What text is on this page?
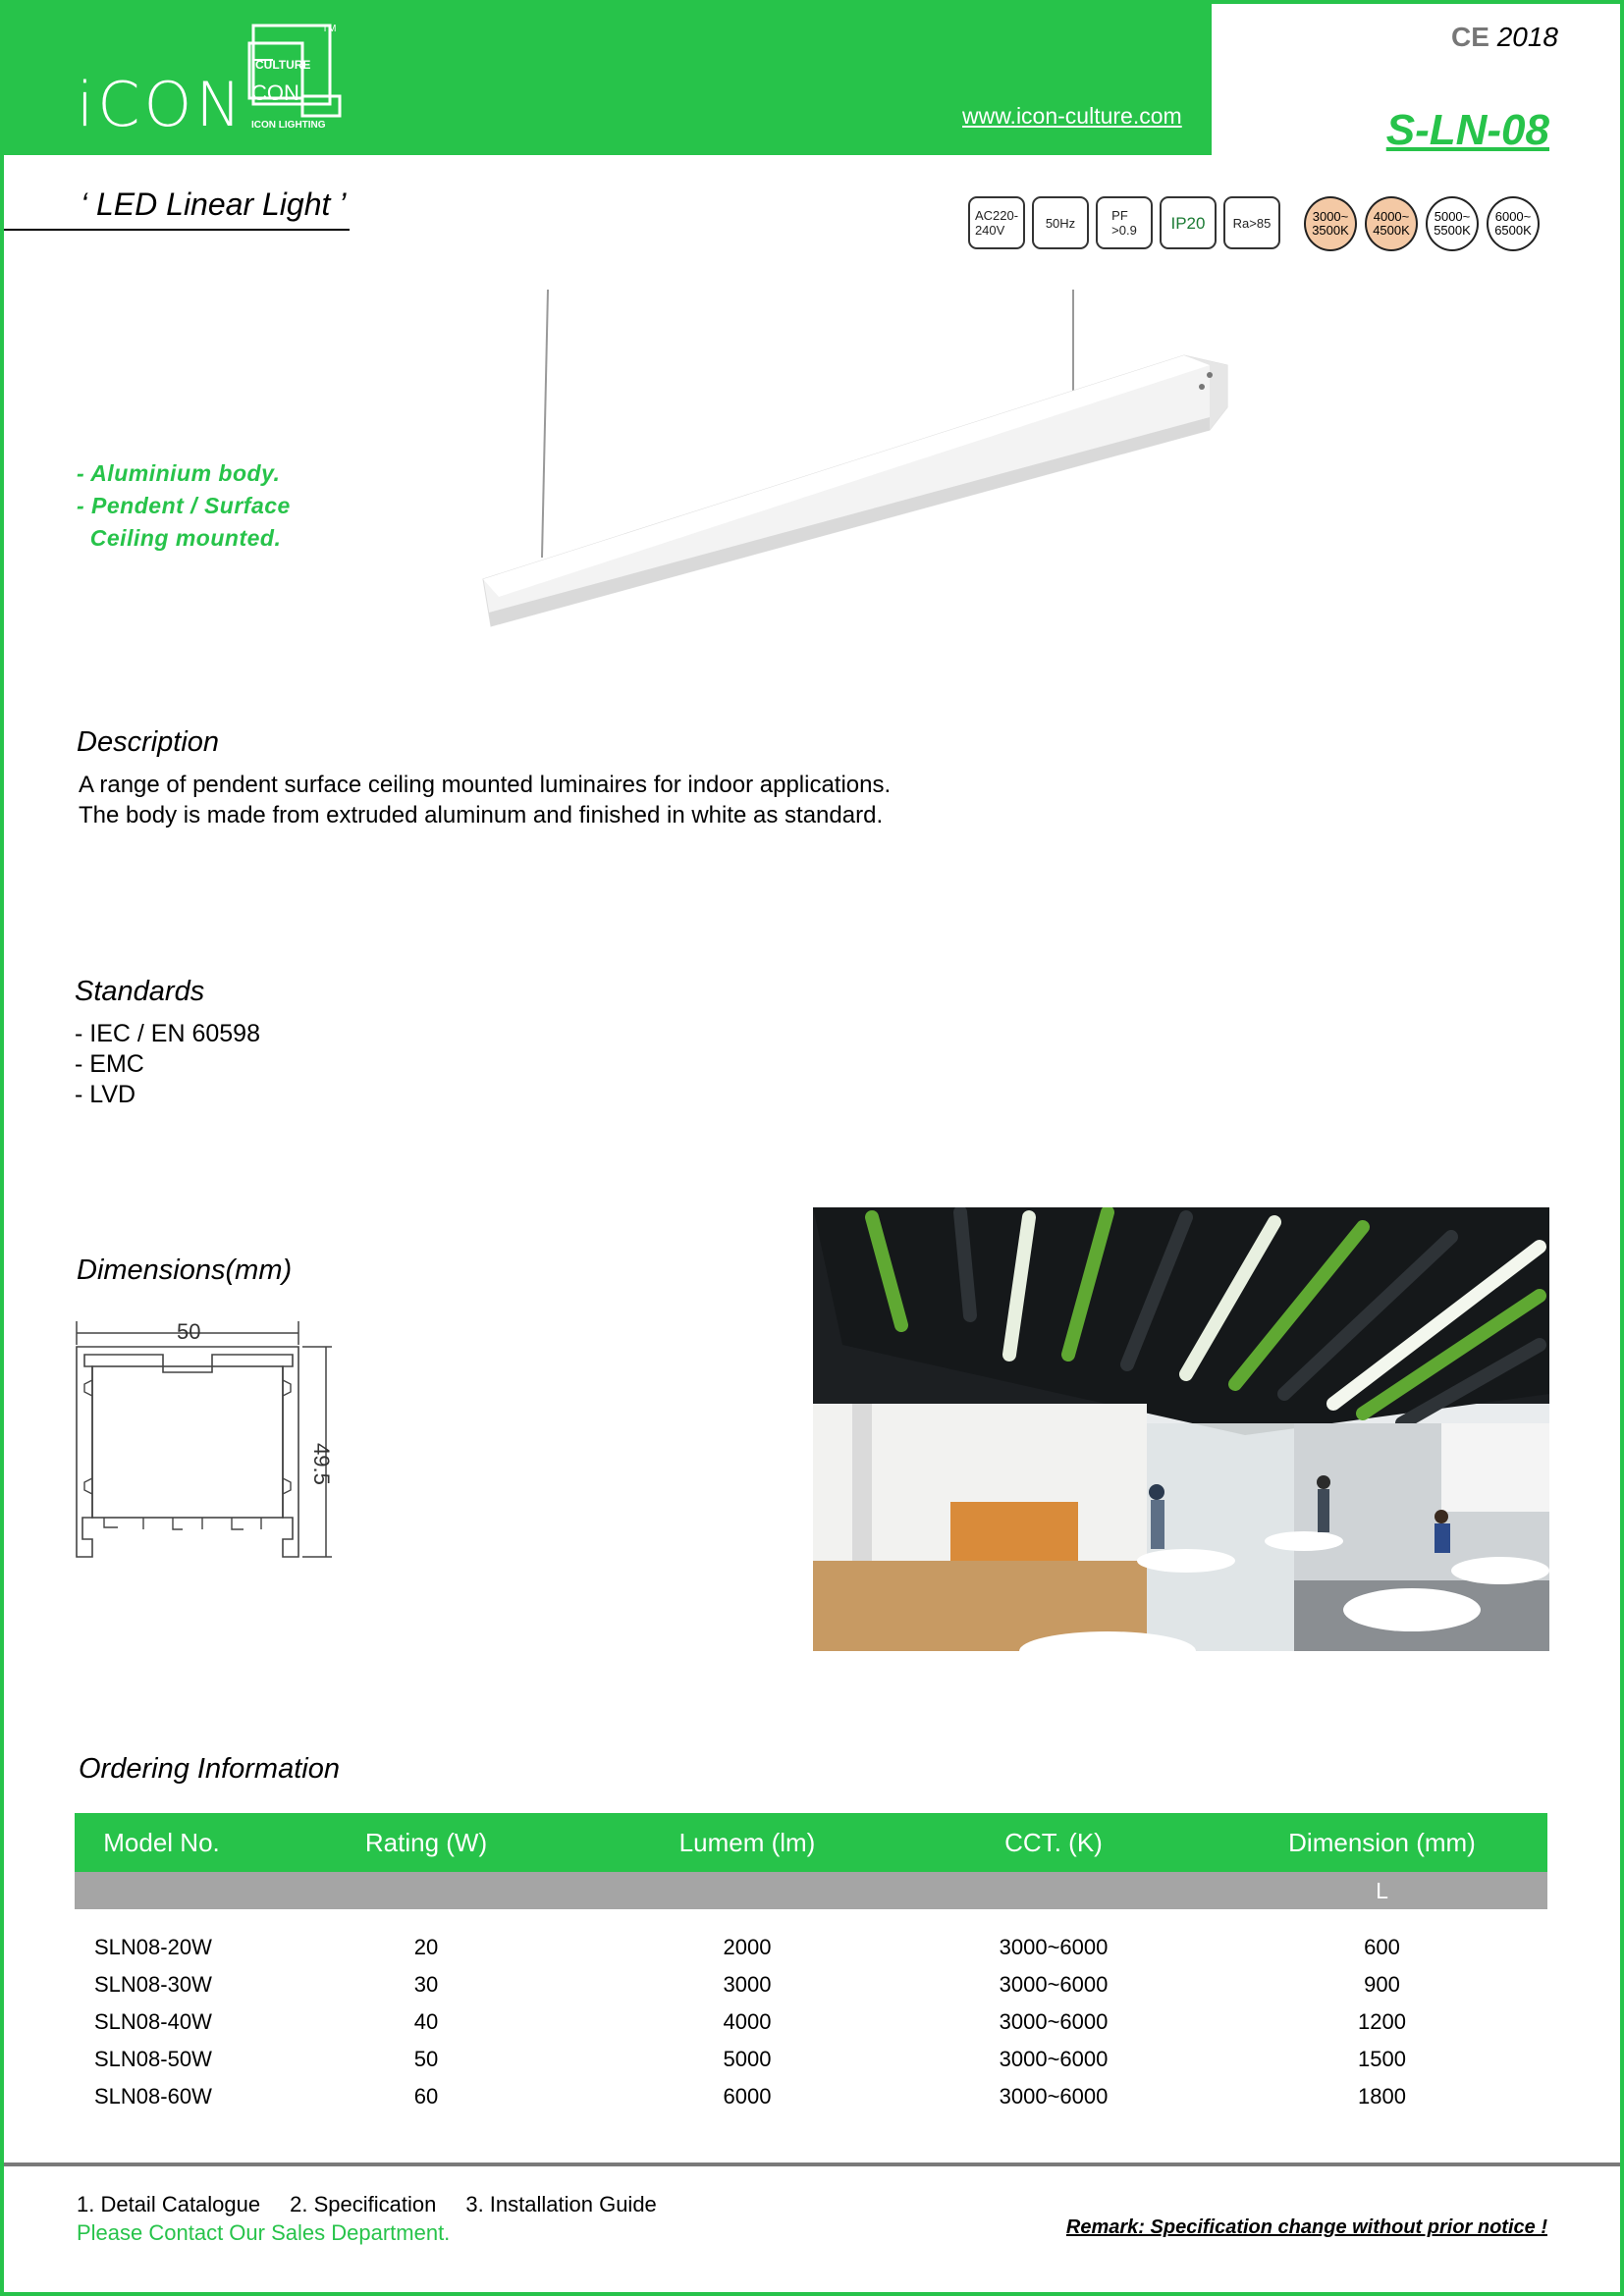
iCON
CULTURE
CON
ICON LIGHTING
TM
www.icon-culture.com
CE 2018
S-LN-08
‘ LED Linear Light ’	AC220-
240V	50Hz	PF
>0.9 IP20 Ra>85	3000~
3500K
4000~
4500K
5000~
5500K
6000~
6500K
- Aluminium body.
- Pendent / Surface
Ceiling mounted.
Description
A range of pendent surface ceiling mounted luminaires for indoor applications.
The body is made from extruded aluminum and finished in white as standard.
Standards
- IEC / EN 60598
- EMC
- LVD
Dimensions(mm)
50
49.5
Ordering Information
Model No.	Rating (W)	Lumem (lm)	CCT. (K)	Dimension (mm)
				L

SLN08-20W	20	2000	3000~6000	600
SLN08-30W	30	3000	3000~6000	900
SLN08-40W	40	4000	3000~6000	1200
SLN08-50W	50	5000	3000~6000	1500
SLN08-60W	60	6000	3000~6000	1800
1. Detail Catalogue 2. Specification 3. Installation Guide
Please Contact Our Sales Department.	Remark: Specification change without prior notice !
